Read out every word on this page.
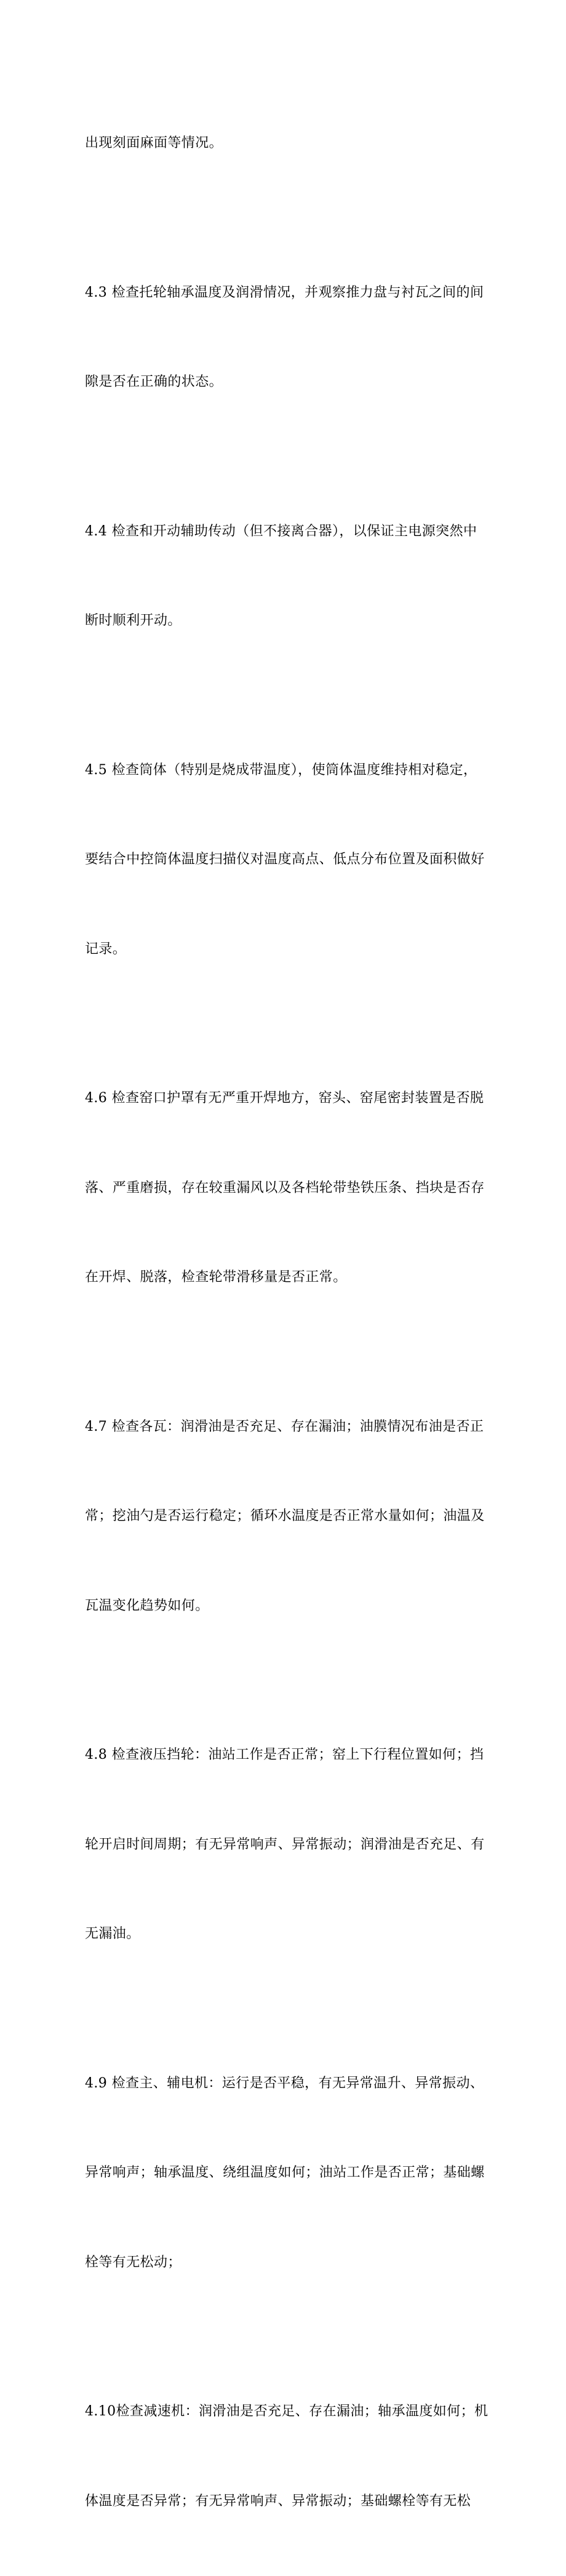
出现刻面麻面等情况。

4.3 检查托轮轴承温度及润滑情况，并观察推力盘与衬瓦之间的间

隙是否在正确的状态。

4.4 检查和开动辅助传动（但不接离合器），以保证主电源突然中

断时顺利开动。

4.5 检查筒体（特别是烧成带温度），使筒体温度维持相对稳定，

要结合中控筒体温度扫描仪对温度高点、低点分布位置及面积做好

记录。

4.6 检查窑口护罩有无严重开焊地方，窑头、窑尾密封装置是否脱

落、严重磨损，存在较重漏风以及各档轮带垫铁压条、挡块是否存

在开焊、脱落，检查轮带滑移量是否正常。

4.7 检查各瓦：润滑油是否充足、存在漏油；油膜情况布油是否正

常；挖油勺是否运行稳定；循环水温度是否正常水量如何；油温及

瓦温变化趋势如何。

4.8 检查液压挡轮：油站工作是否正常；窑上下行程位置如何；挡

轮开启时间周期；有无异常响声、异常振动；润滑油是否充足、有

无漏油。

4.9 检查主、辅电机：运行是否平稳，有无异常温升、异常振动、

异常响声；轴承温度、绕组温度如何；油站工作是否正常；基础螺

栓等有无松动；

4.10检查减速机：润滑油是否充足、存在漏油；轴承温度如何；机

体温度是否异常；有无异常响声、异常振动；基础螺栓等有无松
